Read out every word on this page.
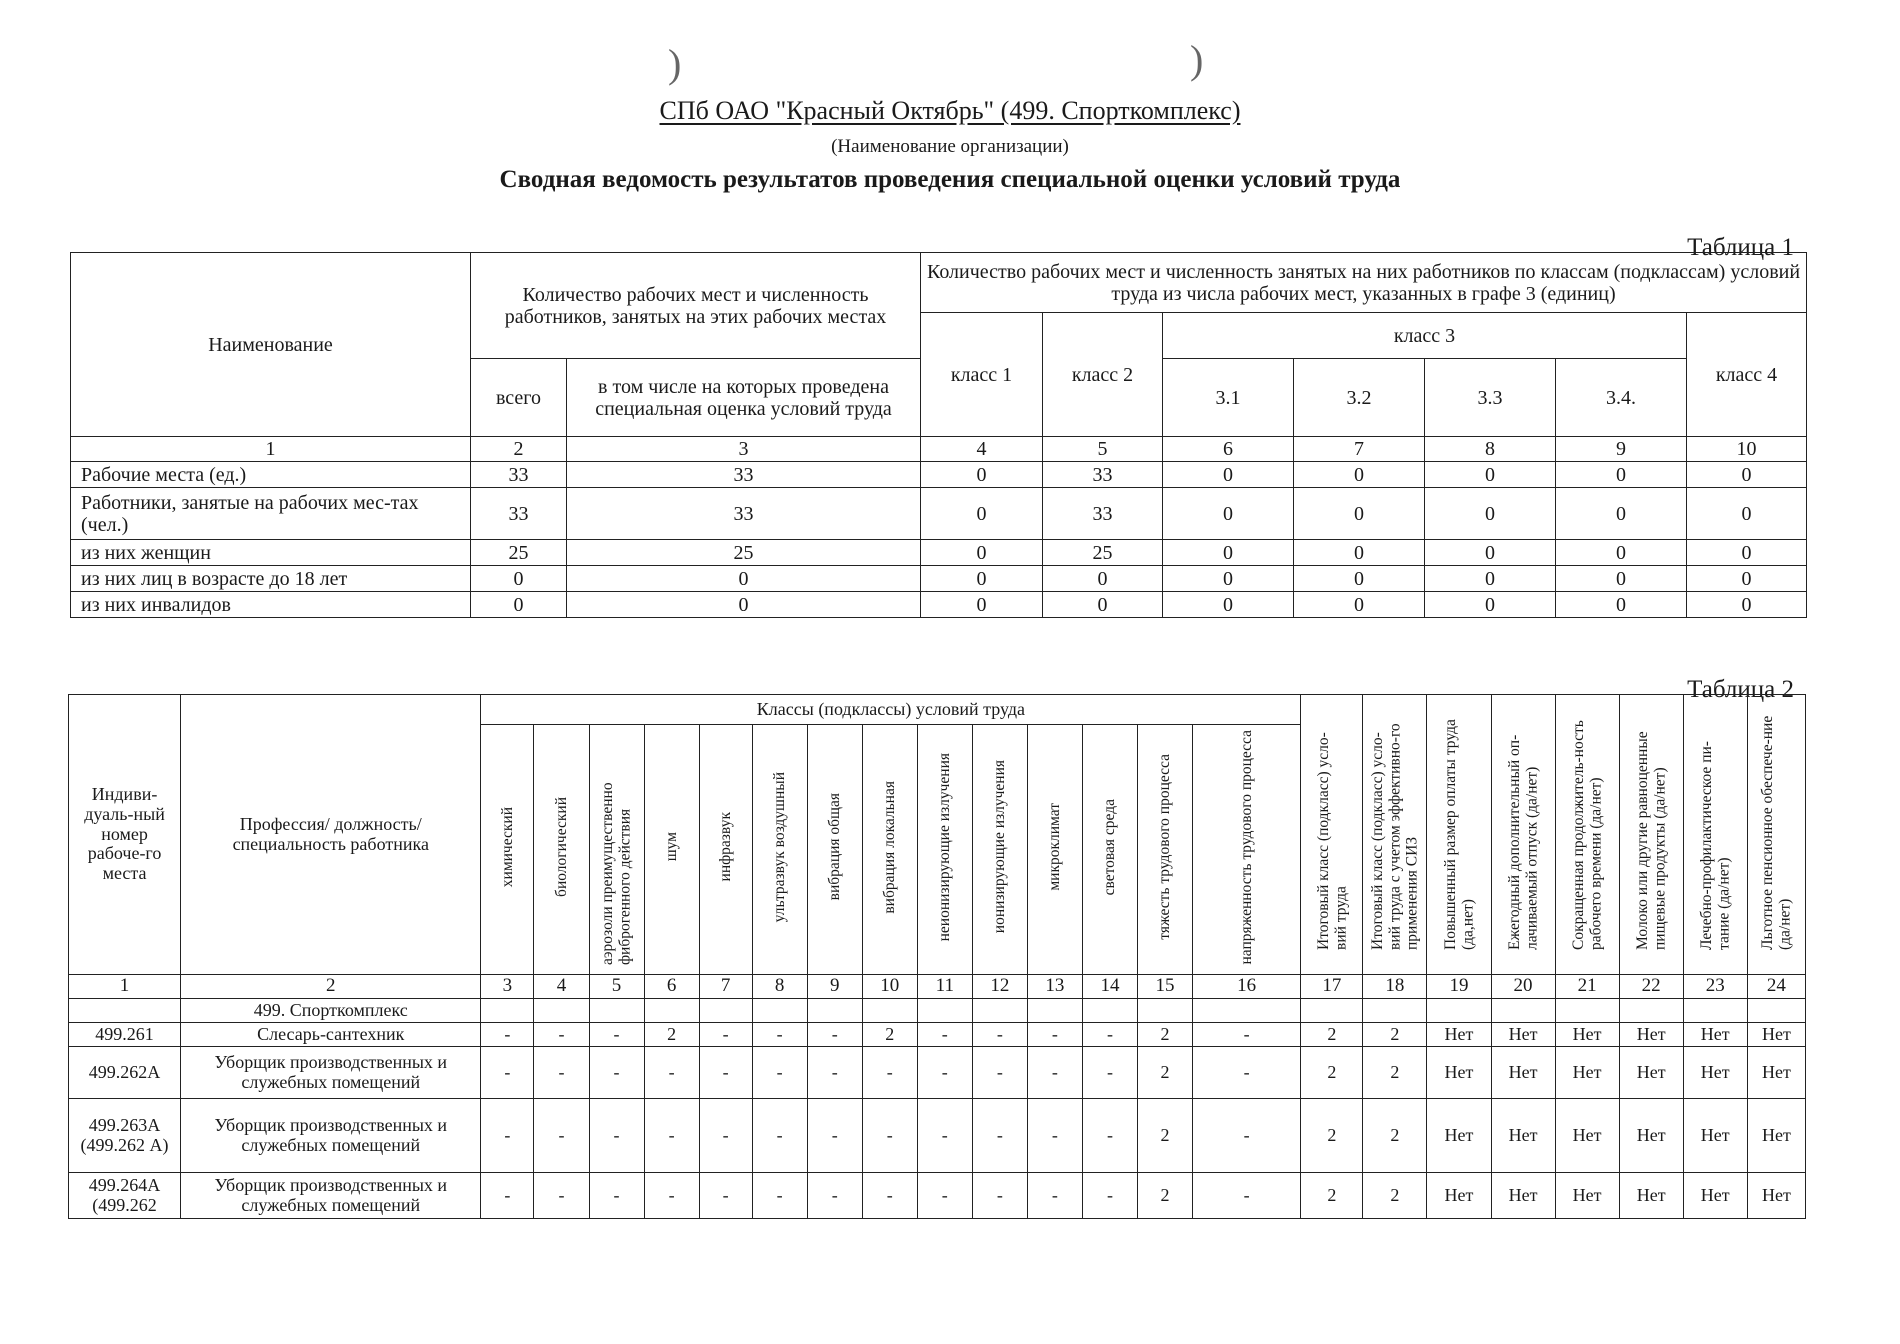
)	)
СПб ОАО "Красный Октябрь" (499. Спорткомплекс)
(Наименование организации)
Сводная ведомость результатов проведения специальной оценки условий труда
Таблица 1
Наименование	Количество рабочих мест и численность работников, занятых на этих рабочих местах		Количество рабочих мест и численность занятых на них работников по классам (подклассам) условий труда из числа рабочих мест, указанных в графе 3 (единиц)						
			класс 1	класс 2	класс 3				класс 4
	всего	в том числе на которых проведена специальная оценка условий труда			3.1	3.2	3.3	3.4.	
1	2	3	4	5	6	7	8	9	10
Рабочие места (ед.)	33	33	0	33	0	0	0	0	0
Работники, занятые на рабочих мес-тах (чел.)	33	33	0	33	0	0	0	0	0
из них женщин	25	25	0	25	0	0	0	0	0
из них лиц в возрасте до 18 лет	0	0	0	0	0	0	0	0	0
из них инвалидов	0	0	0	0	0	0	0	0	0
Таблица 2
Индиви-дуаль-ный номер рабоче-го места	Профессия/ должность/ специальность работника	Классы (подклассы) условий труда														Итоговый класс (подкласс) усло-вий труда	Итоговый класс (подкласс) усло-вий труда с учетом эффективно-го применения СИЗ	Повышенный размер оплаты труда (да,нет)	Ежегодный дополнительный оп-лачиваемый отпуск (да/нет)	Сокращенная продолжитель-ность рабочего времени (да/нет)	Молоко или другие равноценные пищевые продукты (да/нет)	Лечебно-профилактическое пи-тание (да/нет)	Льготное пенсионное обеспече-ние (да/нет)
		химический	биологический	аэрозоли преимущественно фиброгенного действия	шум	инфразвук	ультразвук воздушный	вибрация общая	вибрация локальная	неионизирующие излучения	ионизирующие излучения	микроклимат	световая среда	тяжесть трудового процесса	напряженность трудового процесса								
1	2	3	4	5	6	7	8	9	10	11	12	13	14	15	16	17	18	19	20	21	22	23	24
	499. Спорткомплекс																						
499.261	Слесарь-сантехник	-	-	-	2	-	-	-	2	-	-	-	-	2	-	2	2	Нет	Нет	Нет	Нет	Нет	Нет
499.262А	Уборщик производственных и служебных помещений	-	-	-	-	-	-	-	-	-	-	-	-	2	-	2	2	Нет	Нет	Нет	Нет	Нет	Нет
499.263А (499.262 А)	Уборщик производственных и служебных помещений	-	-	-	-	-	-	-	-	-	-	-	-	2	-	2	2	Нет	Нет	Нет	Нет	Нет	Нет
499.264А (499.262	Уборщик производственных и служебных помещений	-	-	-	-	-	-	-	-	-	-	-	-	2	-	2	2	Нет	Нет	Нет	Нет	Нет	Нет
